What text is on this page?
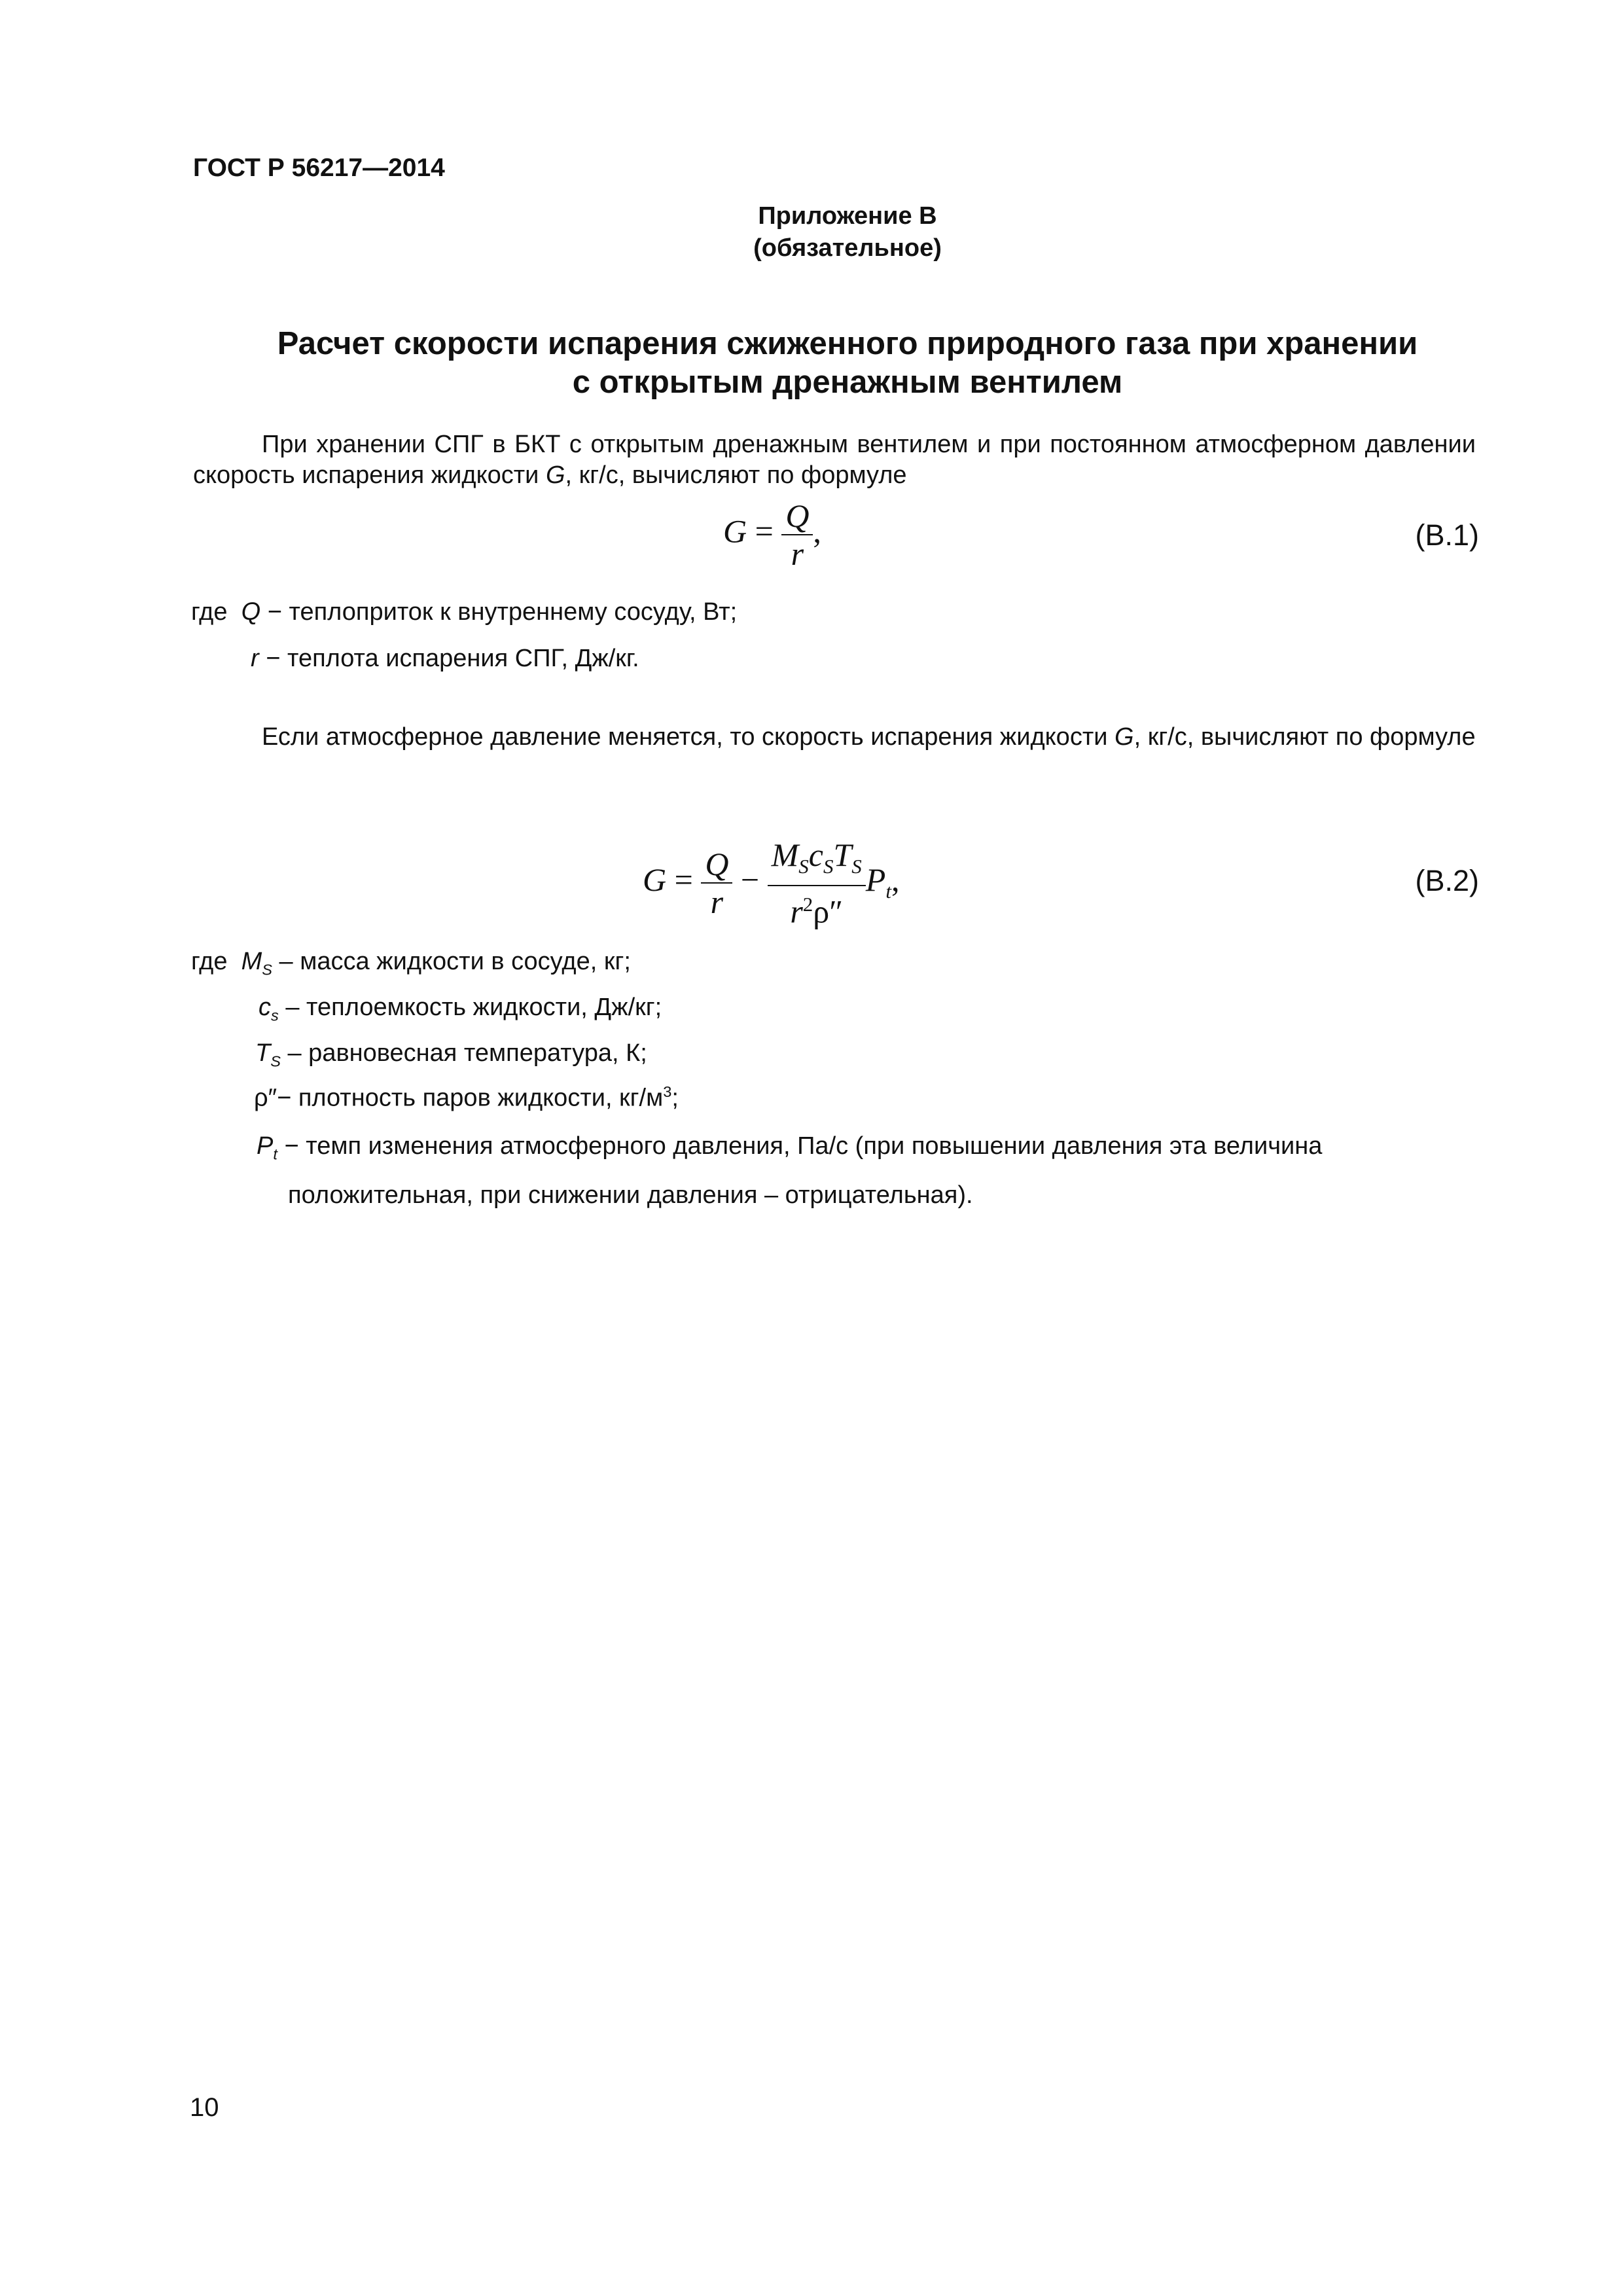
ГОСТ Р 56217—2014
Приложение В
(обязательное)
Расчет скорости испарения сжиженного природного газа при хранении
с открытым дренажным вентилем
При хранении СПГ в БКТ с открытым дренажным вентилем и при постоянном атмосферном давлении скорость испарения жидкости G, кг/с, вычисляют по формуле
$G = \frac{Q}{r}$ ,	(В.1)
где Q − теплоприток к внутреннему сосуду, Вт;
r − теплота испарения СПГ, Дж/кг.
Если атмосферное давление меняется, то скорость испарения жидкости G, кг/с, вычисляют по формуле
$G = \frac{Q}{r} - \frac{M_Sc_ST_S}{r^2\rho''} P_t$,	(В.2)
где $M_S$ – масса жидкости в сосуде, кг;
$c_s$ – теплоемкость жидкости, Дж/кг;
$T_S$ – равновесная температура, К;
ρ″− плотность паров жидкости, $кг/м^3$;
$P_t$ − темп изменения атмосферного давления, Па/с (при повышении давления эта величина
положительная, при снижении давления – отрицательная).
10
